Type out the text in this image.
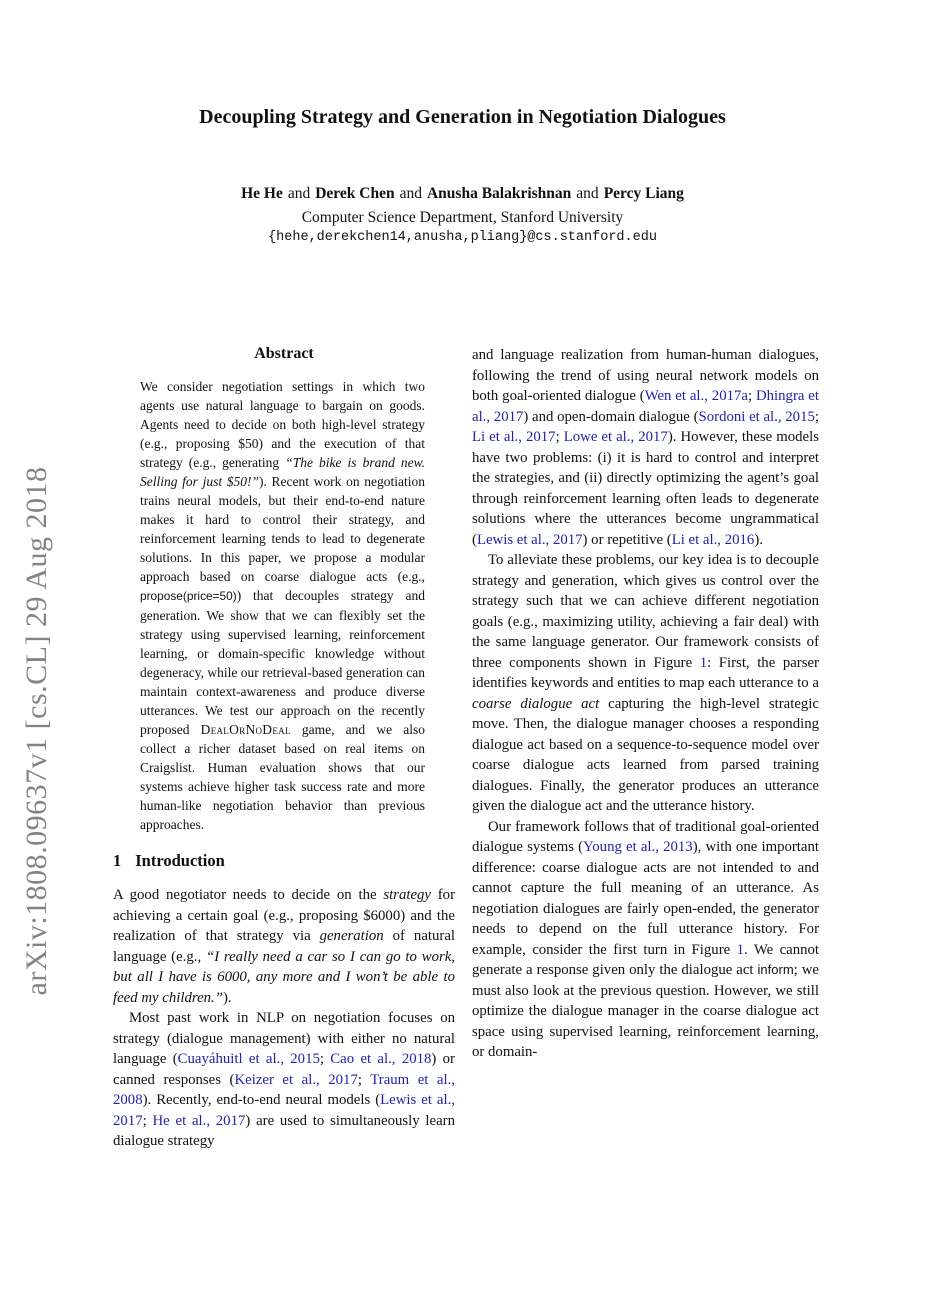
arXiv:1808.09637v1 [cs.CL] 29 Aug 2018
Decoupling Strategy and Generation in Negotiation Dialogues
He He and Derek Chen and Anusha Balakrishnan and Percy Liang
Computer Science Department, Stanford University
{hehe,derekchen14,anusha,pliang}@cs.stanford.edu
Abstract

We consider negotiation settings in which two agents use natural language to bargain on goods. Agents need to decide on both high-level strategy (e.g., proposing $50) and the execution of that strategy (e.g., generating “The bike is brand new. Selling for just $50!”). Recent work on negotiation trains neural models, but their end-to-end nature makes it hard to control their strategy, and reinforcement learning tends to lead to degenerate solutions. In this paper, we propose a modular approach based on coarse dialogue acts (e.g., propose(price=50)) that decouples strategy and generation. We show that we can flexibly set the strategy using supervised learning, reinforcement learning, or domain-specific knowledge without degeneracy, while our retrieval-based generation can maintain context-awareness and produce diverse utterances. We test our approach on the recently proposed DealOrNoDeal game, and we also collect a richer dataset based on real items on Craigslist. Human evaluation shows that our systems achieve higher task success rate and more human-like negotiation behavior than previous approaches.

1 Introduction

A good negotiator needs to decide on the strategy for achieving a certain goal (e.g., proposing $6000) and the realization of that strategy via generation of natural language (e.g., “I really need a car so I can go to work, but all I have is 6000, any more and I won’t be able to feed my children.”).

Most past work in NLP on negotiation focuses on strategy (dialogue management) with either no natural language (Cuayáhuitl et al., 2015; Cao et al., 2018) or canned responses (Keizer et al., 2017; Traum et al., 2008). Recently, end-to-end neural models (Lewis et al., 2017; He et al., 2017) are used to simultaneously learn dialogue strategy

and language realization from human-human dialogues, following the trend of using neural network models on both goal-oriented dialogue (Wen et al., 2017a; Dhingra et al., 2017) and open-domain dialogue (Sordoni et al., 2015; Li et al., 2017; Lowe et al., 2017). However, these models have two problems: (i) it is hard to control and interpret the strategies, and (ii) directly optimizing the agent’s goal through reinforcement learning often leads to degenerate solutions where the utterances become ungrammatical (Lewis et al., 2017) or repetitive (Li et al., 2016).

To alleviate these problems, our key idea is to decouple strategy and generation, which gives us control over the strategy such that we can achieve different negotiation goals (e.g., maximizing utility, achieving a fair deal) with the same language generator. Our framework consists of three components shown in Figure 1: First, the parser identifies keywords and entities to map each utterance to a coarse dialogue act capturing the high-level strategic move. Then, the dialogue manager chooses a responding dialogue act based on a sequence-to-sequence model over coarse dialogue acts learned from parsed training dialogues. Finally, the generator produces an utterance given the dialogue act and the utterance history.

Our framework follows that of traditional goal-oriented dialogue systems (Young et al., 2013), with one important difference: coarse dialogue acts are not intended to and cannot capture the full meaning of an utterance. As negotiation dialogues are fairly open-ended, the generator needs to depend on the full utterance history. For example, consider the first turn in Figure 1. We cannot generate a response given only the dialogue act inform; we must also look at the previous question. However, we still optimize the dialogue manager in the coarse dialogue act space using supervised learning, reinforcement learning, or domain-
